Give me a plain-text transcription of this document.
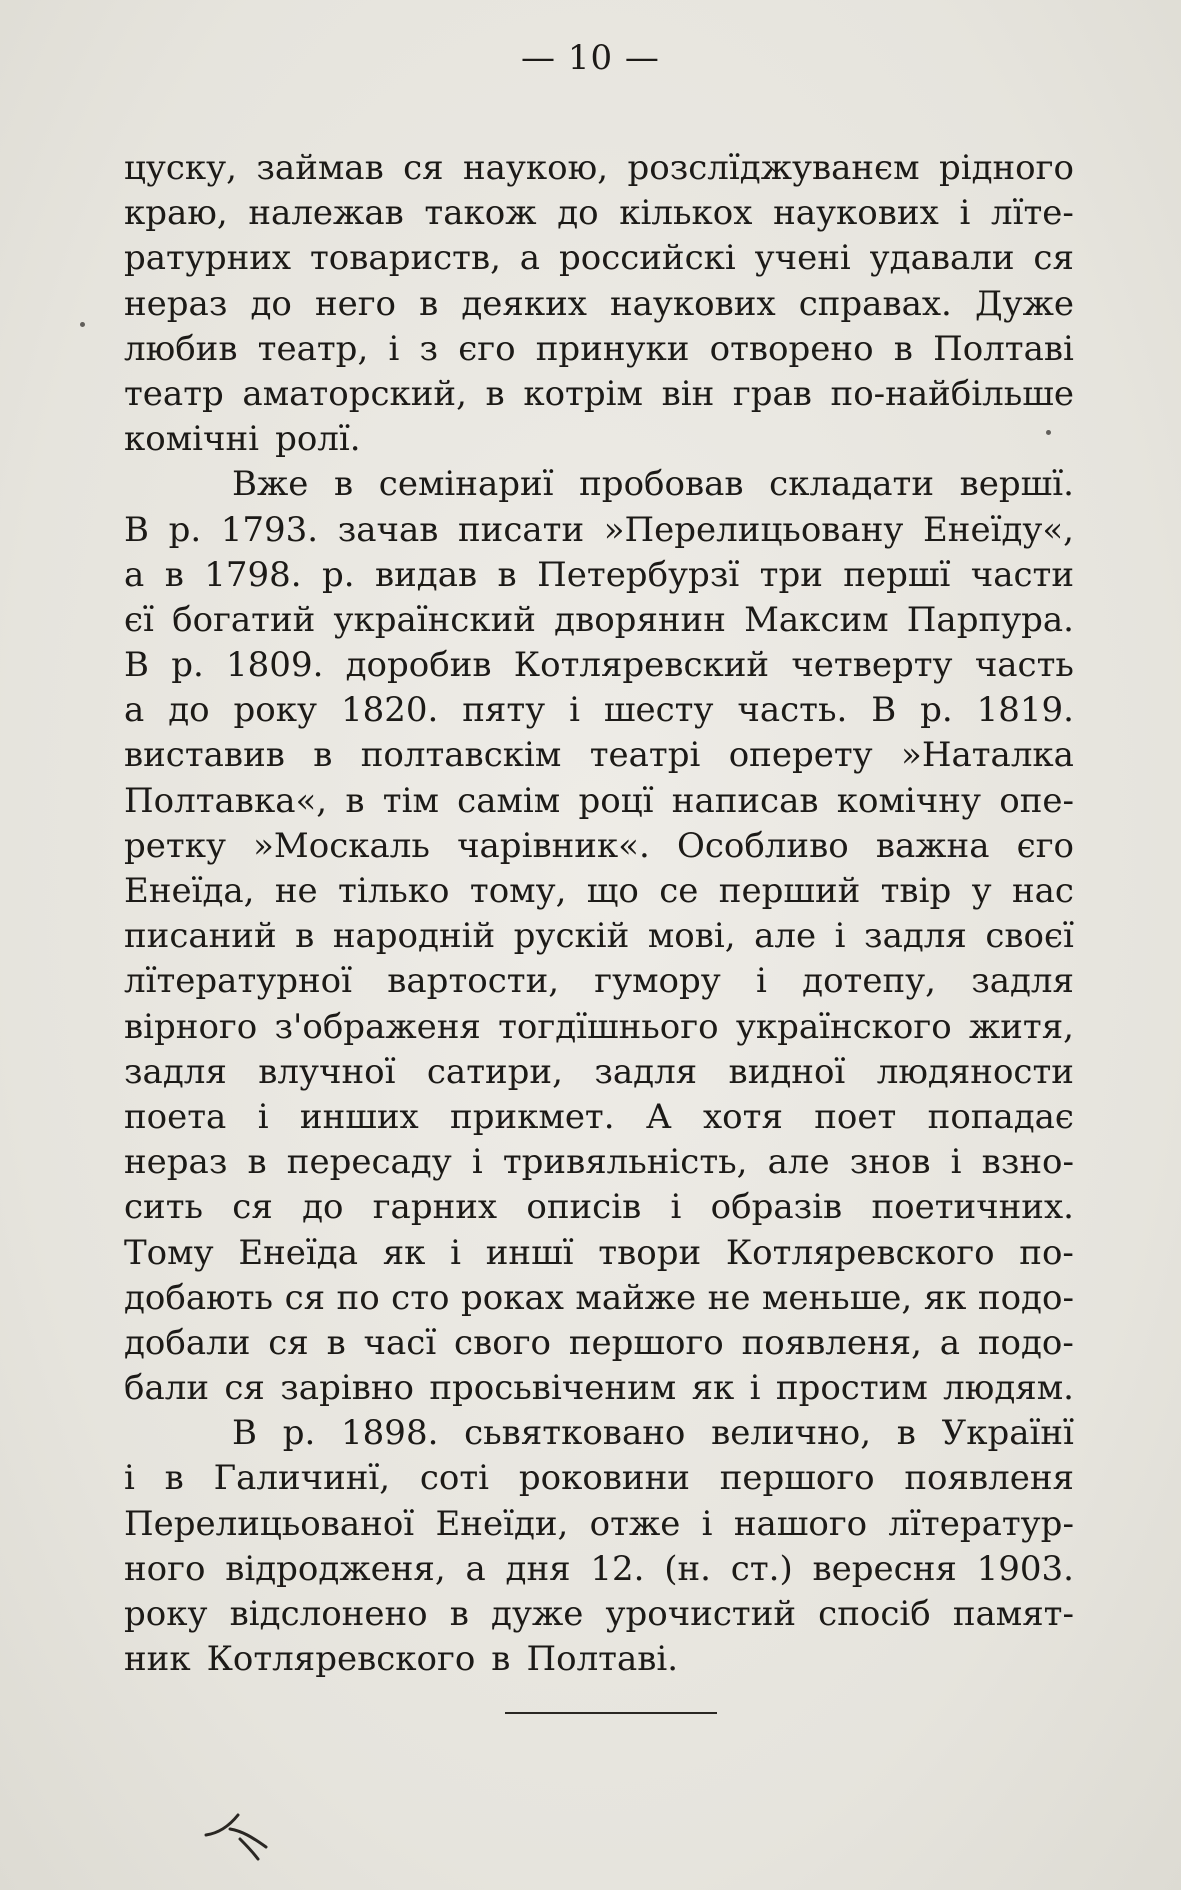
— 10 —
цуску, займав ся наукою, розслїджуванєм рідного
краю, належав також до кількох наукових і лїте-
ратурних товариств, а российскі учені удавали ся
нераз до него в деяких наукових справах. Дуже
любив театр, і з єго принуки отворено в Полтаві
театр аматорский, в котрім він грав по-найбільше
комічні ролї.
Вже в семінариї пробовав складати вершї.
В р. 1793. зачав писати »Перелицьовану Енеїду«,
а в 1798. р. видав в Петербурзї три першї части
єї богатий українский дворянин Максим Парпура.
В р. 1809. доробив Котляревский четверту часть
а до року 1820. пяту і шесту часть. В р. 1819.
виставив в полтавскім театрі оперету »Наталка
Полтавка«, в тім самім роцї написав комічну опе-
ретку »Москаль чарівник«. Особливо важна єго
Енеїда, не тілько тому, що се перший твір у нас
писаний в народній рускій мові, але і задля своєї
лїтературної вартости, гумору і дотепу, задля
вірного з'ображеня тогдїшнього українского житя,
задля влучної сатири, задля видної людяности
поета і инших прикмет. А хотя поет попадає
нераз в пересаду і тривяльність, але знов і взно-
сить ся до гарних описів і образів поетичних.
Тому Енеїда як і иншї твори Котляревского по-
добають ся по сто роках майже не меньше, як подо-
добали ся в часї свого першого появленя, а подо-
бали ся зарівно просьвіченим як і простим людям.
В р. 1898. сьвятковано величнo, в Українї
і в Галичинї, соті роковини першого появленя
Перелицьованої Енеїди, отже і нашого лїтератур-
ного відродженя, а дня 12. (н. ст.) вересня 1903.
року відслонено в дуже урочистий спосіб памят-
ник Котляревского в Полтаві.
